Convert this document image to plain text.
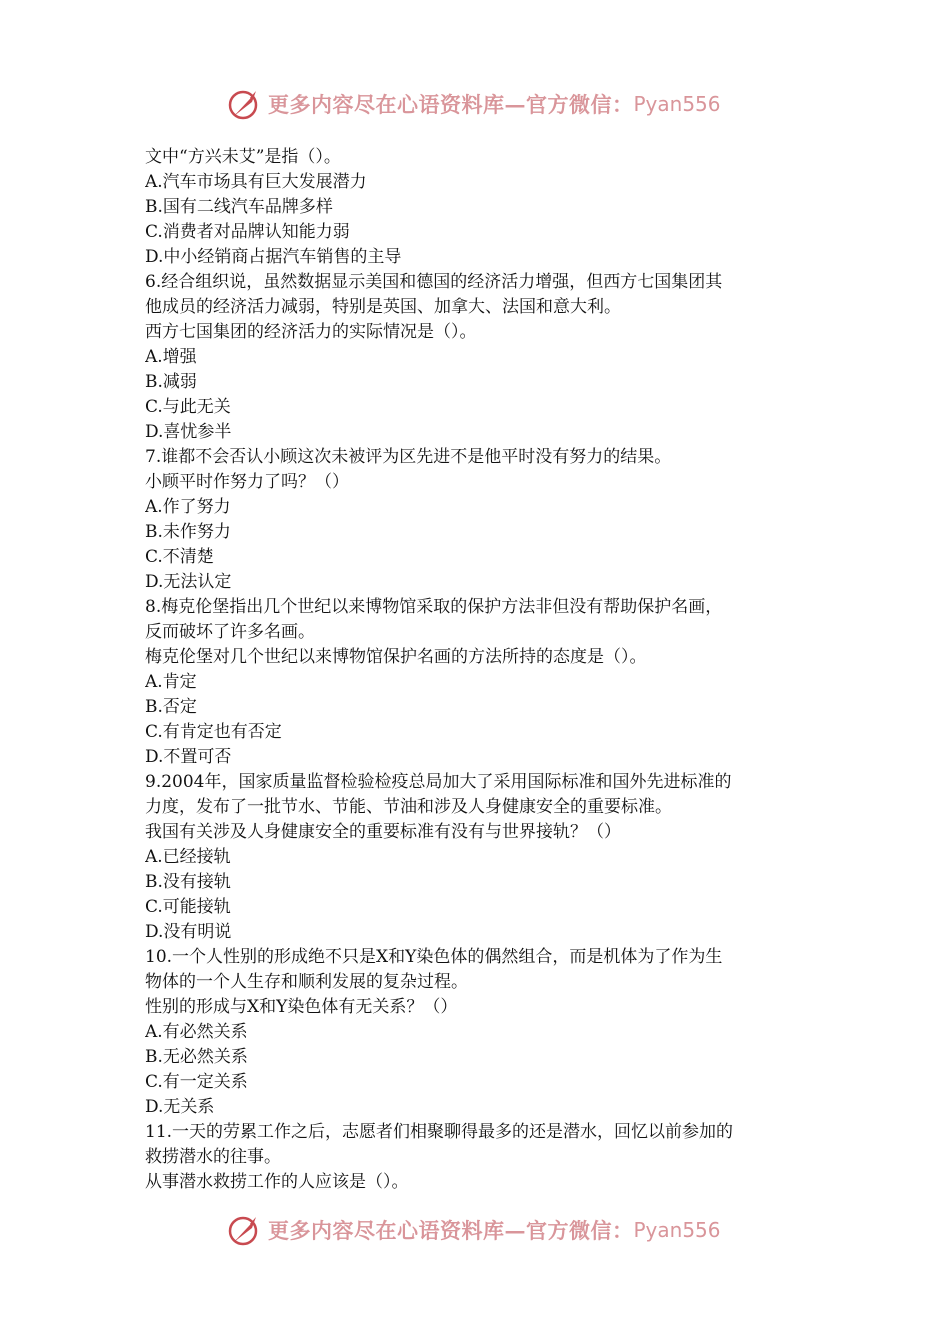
更多内容尽在心语资料库—官方微信： Pyan556
文中“方兴未艾”是指（）。
A.汽车市场具有巨大发展潜力
B.国有二线汽车品牌多样
C.消费者对品牌认知能力弱
D.中小经销商占据汽车销售的主导
6.经合组织说，虽然数据显示美国和德国的经济活力增强，但西方七国集团其
他成员的经济活力减弱，特别是英国、加拿大、法国和意大利。
西方七国集团的经济活力的实际情况是（）。
A.增强
B.减弱
C.与此无关
D.喜忧参半
7.谁都不会否认小顾这次未被评为区先进不是他平时没有努力的结果。
小顾平时作努力了吗？（）
A.作了努力
B.未作努力
C.不清楚
D.无法认定
8.梅克伦堡指出几个世纪以来博物馆采取的保护方法非但没有帮助保护名画，
反而破坏了许多名画。
梅克伦堡对几个世纪以来博物馆保护名画的方法所持的态度是（）。
A.肯定
B.否定
C.有肯定也有否定
D.不置可否
9.2004年，国家质量监督检验检疫总局加大了采用国际标准和国外先进标准的
力度，发布了一批节水、节能、节油和涉及人身健康安全的重要标准。
我国有关涉及人身健康安全的重要标准有没有与世界接轨？（）
A.已经接轨
B.没有接轨
C.可能接轨
D.没有明说
10.一个人性别的形成绝不只是X和Y染色体的偶然组合，而是机体为了作为生
物体的一个人生存和顺利发展的复杂过程。
性别的形成与X和Y染色体有无关系？（）
A.有必然关系
B.无必然关系
C.有一定关系
D.无关系
11.一天的劳累工作之后，志愿者们相聚聊得最多的还是潜水，回忆以前参加的
救捞潜水的往事。
从事潜水救捞工作的人应该是（）。
更多内容尽在心语资料库—官方微信： Pyan556
